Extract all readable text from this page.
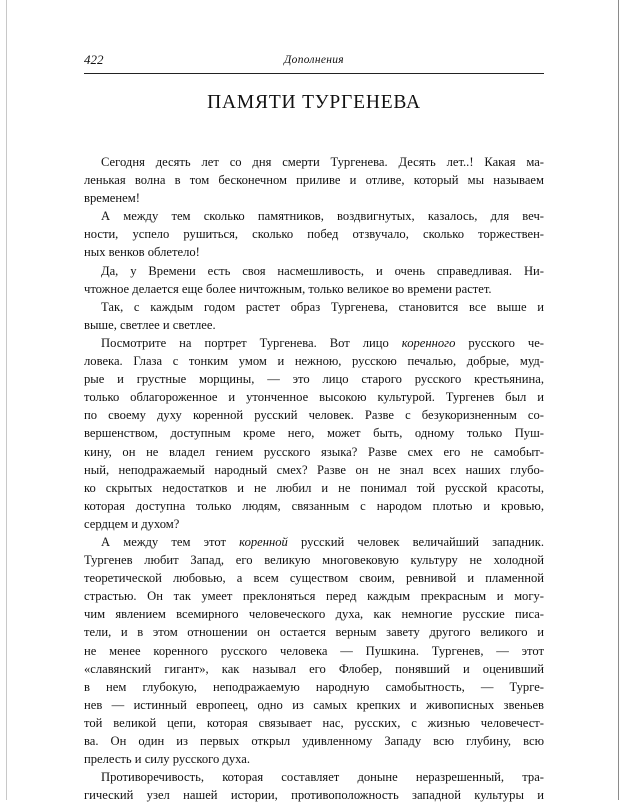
422	Дополнения
ПАМЯТИ ТУРГЕНЕВА
Сегодня десять лет со дня смерти Тургенева. Десять лет..! Какая ма-
ленькая волна в том бесконечном приливе и отливе, который мы называем
временем!
А между тем сколько памятников, воздвигнутых, казалось, для веч-
ности, успело рушиться, сколько побед отзвучало, сколько торжествен-
ных венков облетело!
Да, у Времени есть своя насмешливость, и очень справедливая. Ни-
чтожное делается еще более ничтожным, только великое во времени растет.
Так, с каждым годом растет образ Тургенева, становится все выше и
выше, светлее и светлее.
Посмотрите на портрет Тургенева. Вот лицо коренного русского че-
ловека. Глаза с тонким умом и нежною, русскою печалью, добрые, муд-
рые и грустные морщины, — это лицо старого русского крестьянина,
только облагороженное и утонченное высокою культурой. Тургенев был и
по своему духу коренной русский человек. Разве с безукоризненным со-
вершенством, доступным кроме него, может быть, одному только Пуш-
кину, он не владел гением русского языка? Разве смех его не самобыт-
ный, неподражаемый народный смех? Разве он не знал всех наших глубо-
ко скрытых недостатков и не любил и не понимал той русской красоты,
которая доступна только людям, связанным с народом плотью и кровью,
сердцем и духом?
А между тем этот коренной русский человек величайший западник.
Тургенев любит Запад, его великую многовековую культуру не холодной
теоретической любовью, а всем существом своим, ревнивой и пламенной
страстью. Он так умеет преклоняться перед каждым прекрасным и могу-
чим явлением всемирного человеческого духа, как немногие русские писа-
тели, и в этом отношении он остается верным завету другого великого и
не менее коренного русского человека — Пушкина. Тургенев, — этот
«славянский гигант», как называл его Флобер, понявший и оценивший
в нем глубокую, неподражаемую народную самобытность, — Турге-
нев — истинный европеец, одно из самых крепких и живописных звеньев
той великой цепи, которая связывает нас, русских, с жизнью человечест-
ва. Он один из первых открыл удивленному Западу всю глубину, всю
прелесть и силу русского духа.
Противоречивость, которая составляет доныне неразрешенный, тра-
гический узел нашей истории, противоположность западной культуры и
